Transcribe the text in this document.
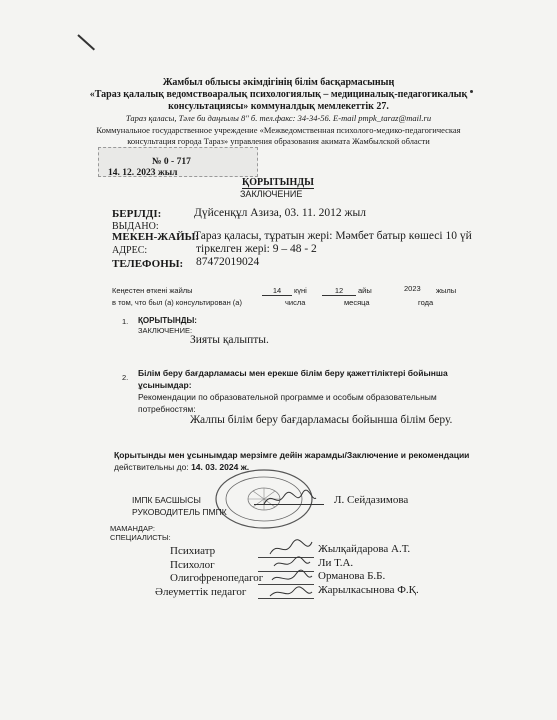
Жамбыл облысы әкімдігінің білім басқармасының
«Тараз қалалық ведомствоаралық психологиялық – медициналық-педагогикалық
консультациясы» коммуналдық мемлекеттік 27.
Тараз қаласы, Тәле би даңғылы 8" б. тел.факс: 34-34-56. E-mail pmpk_taraz@mail.ru
Коммунальное государственное учреждение «Межведомственная психолого-медико-педагогическая
консультация города Тараз» управления образования акимата Жамбылской области
№ 0 - 717
14. 12. 2023 жыл
ҚОРЫТЫНДЫ
ЗАКЛЮЧЕНИЕ
БЕРІЛДІ:
ВЫДАНО:
Дүйсенқұл Азиза, 03. 11. 2012 жыл
МЕКЕН-ЖАЙЫ:
Тараз қаласы, тұратын жері: Мәмбет батыр көшесі 10 үй
АДРЕС:	тіркелген жері: 9 – 48 - 2
ТЕЛЕФОНЫ: 87472019024
Кеңестен өткені жайлы
в том, что был (а) консультирован (а)
14	күні
числа
12	айы
месяца
2023 жылы
года
1. ҚОРЫТЫНДЫ:
ЗАКЛЮЧЕНИЕ:
Зияты қалыпты.
2. Білім беру бағдарламасы мен ерекше білім беру қажеттіліктері бойынша
ұсынымдар:
Рекомендации по образовательной программе и особым образовательным
потребностям:
Жалпы білім беру бағдарламасы бойынша білім беру.
Қорытынды мен ұсынымдар мерзімге дейін жарамды/Заключение и рекомендации
действительны до: 14. 03. 2024 ж.
ІМПК БАСШЫСЫ
РУКОВОДИТЕЛЬ ПМПК
Л. Сейдазимова
МАМАНДАР:
СПЕЦИАЛИСТЫ:
Психиатр	Жылқайдарова А.Т.
Психолог	Ли Т.А.
Олигофренопедагог	Орманова Б.Б.
Әлеуметтік педагог	Жарылкасынова Ф.Қ.
